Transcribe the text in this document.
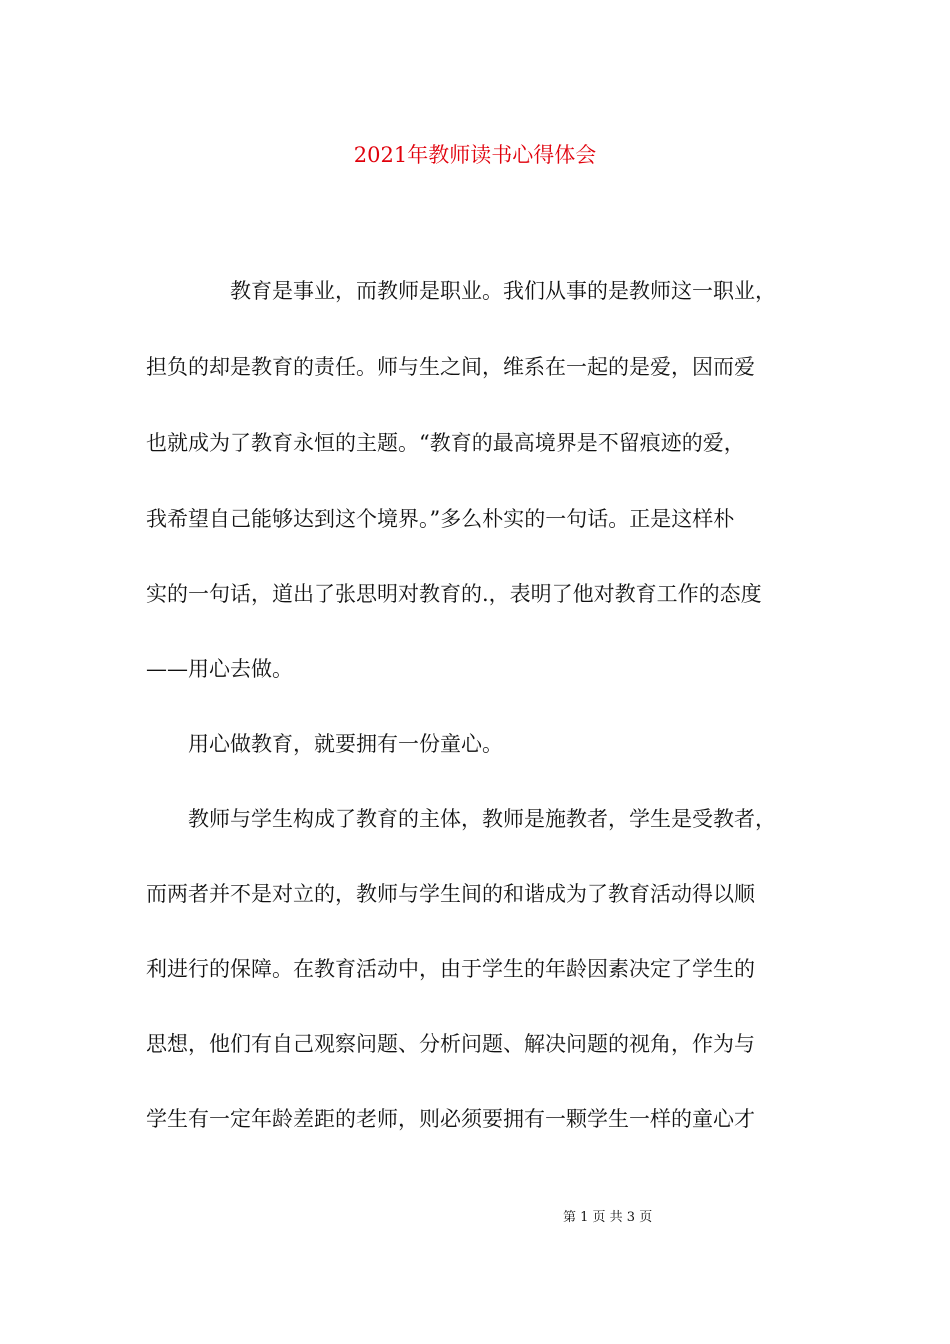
2021年教师读书心得体会
　　　　教育是事业，而教师是职业。我们从事的是教师这一职业，
担负的却是教育的责任。师与生之间，维系在一起的是爱，因而爱
也就成为了教育永恒的主题。“教育的最高境界是不留痕迹的爱，
我希望自己能够达到这个境界。”多么朴实的一句话。正是这样朴
实的一句话，道出了张思明对教育的.，表明了他对教育工作的态度
——用心去做。
　　用心做教育，就要拥有一份童心。
　　教师与学生构成了教育的主体，教师是施教者，学生是受教者，
而两者并不是对立的，教师与学生间的和谐成为了教育活动得以顺
利进行的保障。在教育活动中，由于学生的年龄因素决定了学生的
思想，他们有自己观察问题、分析问题、解决问题的视角，作为与
学生有一定年龄差距的老师，则必须要拥有一颗学生一样的童心才
第 1 页 共 3 页
